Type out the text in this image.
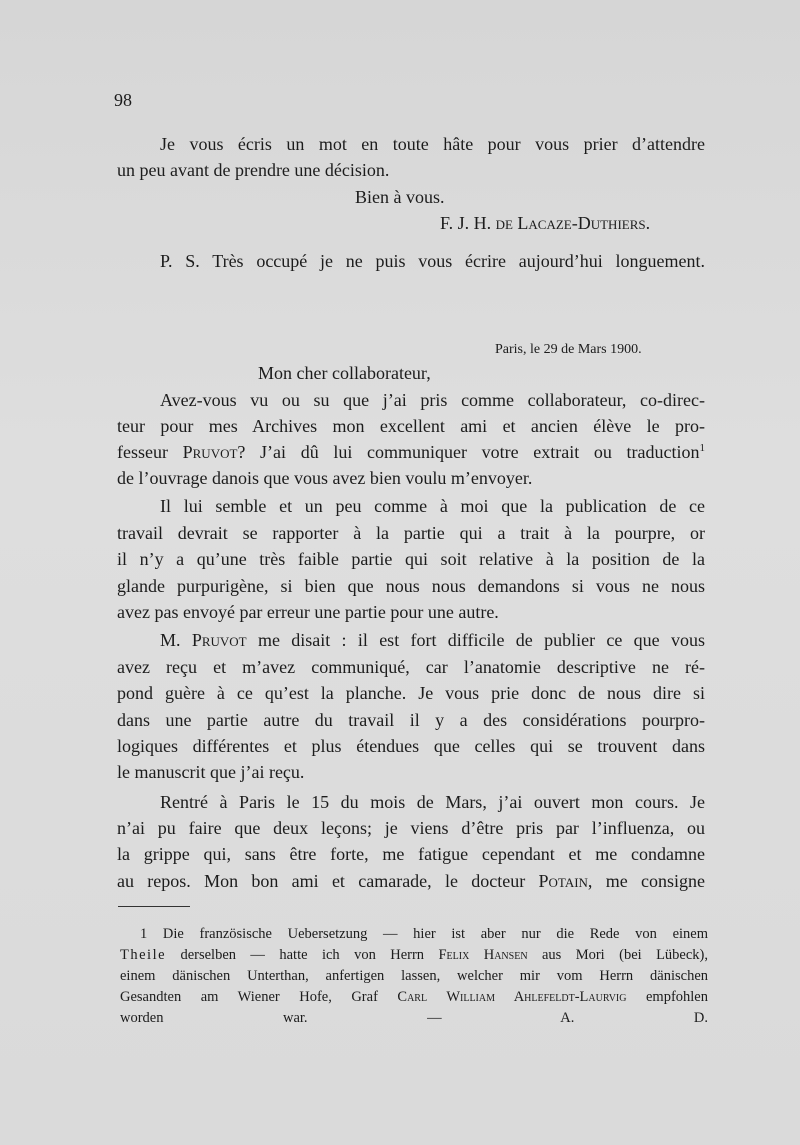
98
Je vous écris un mot en toute hâte pour vous prier d’attendre
un peu avant de prendre une décision.
Bien à vous.
F. J. H. de Lacaze-Duthiers.
P. S. Très occupé je ne puis vous écrire aujourd’hui longuement.
Paris, le 29 de Mars 1900.
Mon cher collaborateur,
Avez-vous vu ou su que j’ai pris comme collaborateur, co-direc-
teur pour mes Archives mon excellent ami et ancien élève le pro-
fesseur Pruvot? J’ai dû lui communiquer votre extrait ou traduction$^1$
de l’ouvrage danois que vous avez bien voulu m’envoyer.
Il lui semble et un peu comme à moi que la publication de ce
travail devrait se rapporter à la partie qui a trait à la pourpre, or
il n’y a qu’une très faible partie qui soit relative à la position de la
glande purpurigène, si bien que nous nous demandons si vous ne nous
avez pas envoyé par erreur une partie pour une autre.
M. Pruvot me disait : il est fort difficile de publier ce que vous
avez reçu et m’avez communiqué, car l’anatomie descriptive ne ré-
pond guère à ce qu’est la planche. Je vous prie donc de nous dire si
dans une partie autre du travail il y a des considérations pourpro-
logiques différentes et plus étendues que celles qui se trouvent dans
le manuscrit que j’ai reçu.
Rentré à Paris le 15 du mois de Mars, j’ai ouvert mon cours. Je
n’ai pu faire que deux leçons; je viens d’être pris par l’influenza, ou
la grippe qui, sans être forte, me fatigue cependant et me condamne
au repos. Mon bon ami et camarade, le docteur Potain, me consigne
1 Die französische Uebersetzung — hier ist aber nur die Rede von einem
Theile derselben — hatte ich von Herrn Felix Hansen aus Mori (bei Lübeck),
einem dänischen Unterthan, anfertigen lassen, welcher mir vom Herrn dänischen
Gesandten am Wiener Hofe, Graf Carl William Ahlefeldt-Laurvig empfohlen
worden war. — A. D.
